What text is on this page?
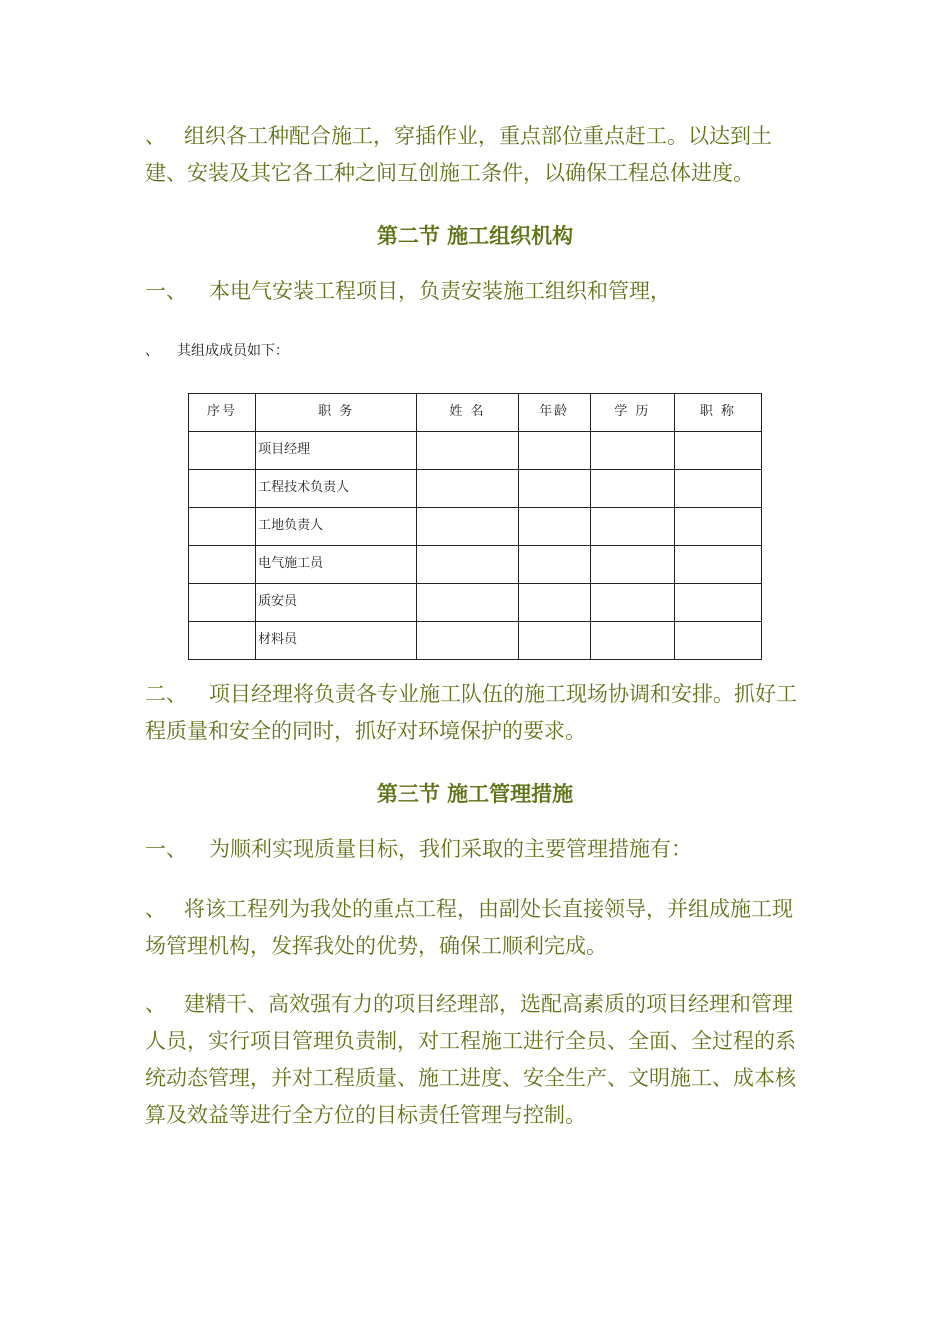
、 组织各工种配合施工，穿插作业，重点部位重点赶工。以达到土建、安装及其它各工种之间互创施工条件，以确保工程总体进度。

第二节 施工组织机构

一、 本电气安装工程项目，负责安装施工组织和管理，

、 其组成成员如下：

序号	职 务	姓 名	年龄	学 历	职 称
	项目经理				
	工程技术负责人				
	工地负责人				
	电气施工员				
	质安员				
	材料员				

二、 项目经理将负责各专业施工队伍的施工现场协调和安排。抓好工程质量和安全的同时，抓好对环境保护的要求。

第三节 施工管理措施

一、 为顺利实现质量目标，我们采取的主要管理措施有：

、 将该工程列为我处的重点工程，由副处长直接领导，并组成施工现场管理机构，发挥我处的优势，确保工顺利完成。

、 建精干、高效强有力的项目经理部，选配高素质的项目经理和管理人员，实行项目管理负责制，对工程施工进行全员、全面、全过程的系统动态管理，并对工程质量、施工进度、安全生产、文明施工、成本核算及效益等进行全方位的目标责任管理与控制。
